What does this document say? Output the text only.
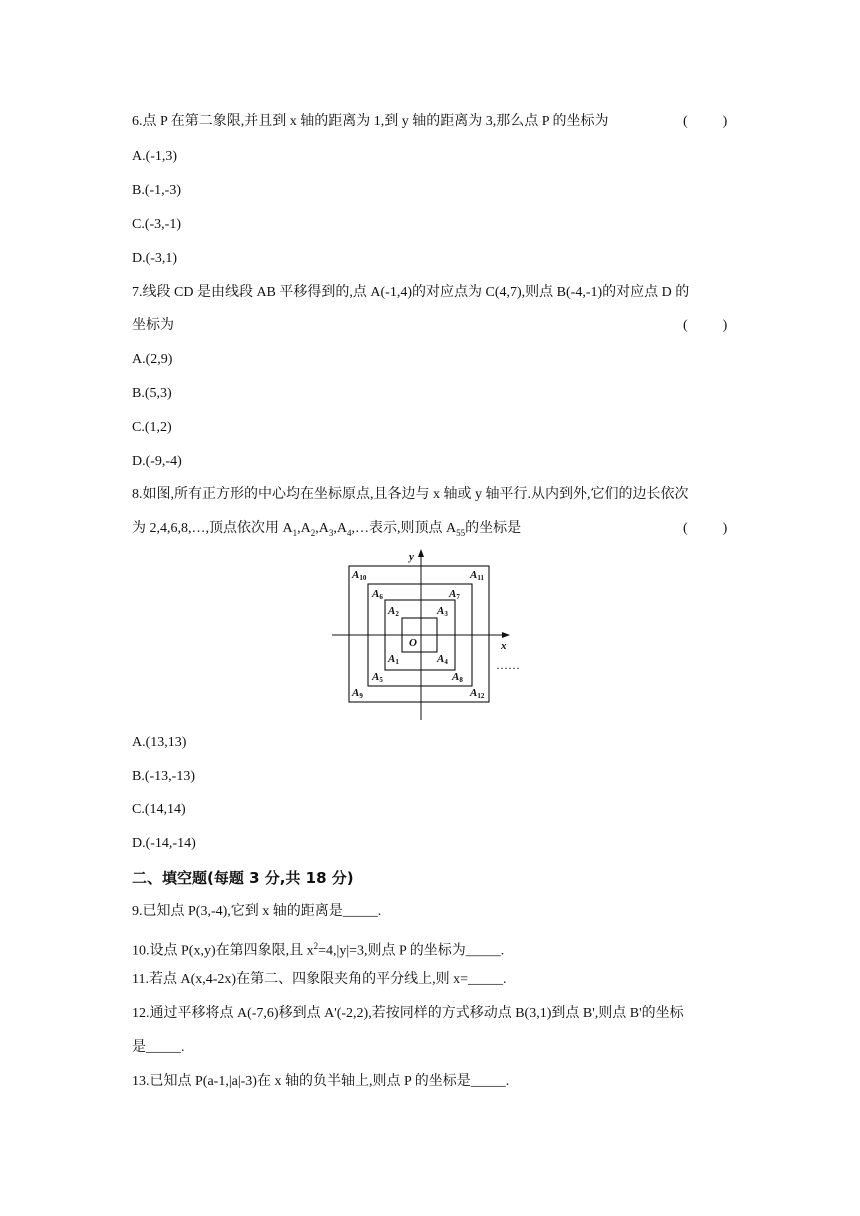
6.点 P 在第二象限,并且到 x 轴的距离为 1,到 y 轴的距离为 3,那么点 P 的坐标为	(          )
A.(-1,3)
B.(-1,-3)
C.(-3,-1)
D.(-3,1)
7.线段 CD 是由线段 AB 平移得到的,点 A(-1,4)的对应点为 C(4,7),则点 B(-4,-1)的对应点 D 的
坐标为	(          )
A.(2,9)
B.(5,3)
C.(1,2)
D.(-9,-4)
8.如图,所有正方形的中心均在坐标原点,且各边与 x 轴或 y 轴平行.从内到外,它们的边长依次
为 2,4,6,8,…,顶点依次用 $A_1,A_2,A_3,A_4,\dots$表示,则顶点 $A_{55}$的坐标是	(          )
x
y
O
……
A1
A2	A3
A4
A5
A6	A7
A8
A9
A10	A11
A12
A.(13,13)
B.(-13,-13)
C.(14,14)
D.(-14,-14)
二、填空题(每题 3 分,共 18 分)
9.已知点 P(3,-4),它到 x 轴的距离是_____.
10.设点 P(x,y)在第四象限,且 $x^2=4,|y|=3$,则点 P 的坐标为_____.
11.若点 A(x,4-2x)在第二、四象限夹角的平分线上,则 x=_____.
12.通过平移将点 A(-7,6)移到点 A'(-2,2),若按同样的方式移动点 B(3,1)到点 B',则点 B'的坐标
是_____.
13.已知点 P(a-1,|a|-3)在 x 轴的负半轴上,则点 P 的坐标是_____.
